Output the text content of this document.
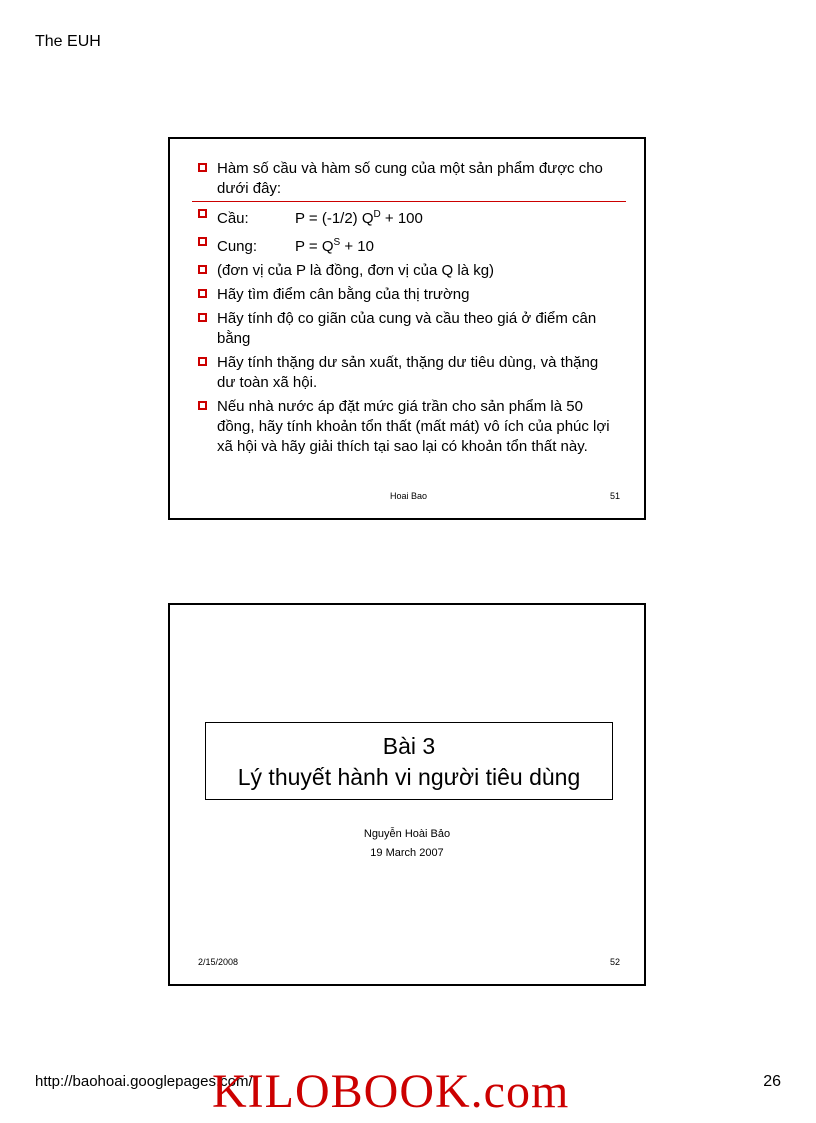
The EUH
Hàm số cầu và hàm số cung của một sản phẩm được cho dưới đây:
Cầu:	P = (-1/2) $Q^D + 100$
Cung:	$P = Q^S + 10$
(đơn vị của P là đồng, đơn vị của Q là kg)
Hãy tìm điểm cân bằng của thị trường
Hãy tính độ co giãn của cung và cầu theo giá ở điểm cân bằng
Hãy tính thặng dư sản xuất, thặng dư tiêu dùng, và thặng dư toàn xã hội.
Nếu nhà nước áp đặt mức giá trần cho sản phẩm là 50 đồng, hãy tính khoản tổn thất (mất mát) vô ích của phúc lợi xã hội và hãy giải thích tại sao lại có khoản tổn thất này.
Hoai Bao	51
Bài 3
Lý thuyết hành vi người tiêu dùng
Nguyễn Hoài Bảo
19 March 2007
2/15/2008	52
http://baohoai.googlepages.com/
KILOBOOK.com	26
